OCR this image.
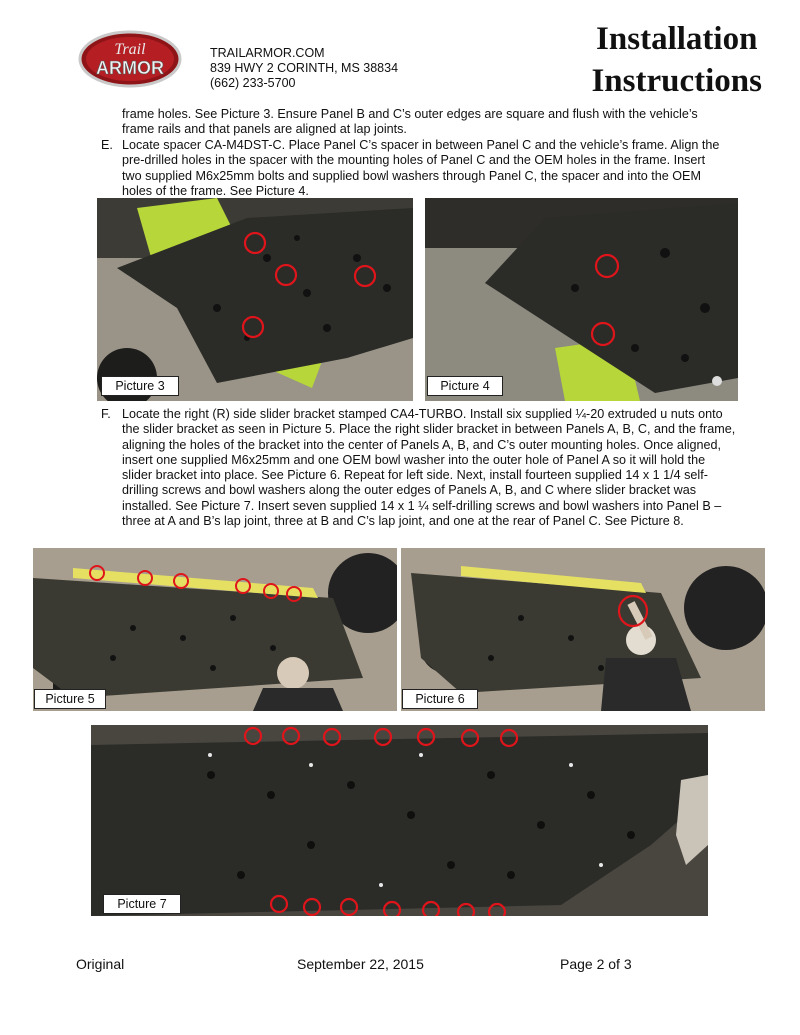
Trail
ARMOR
TRAILARMOR.COM
839 HWY 2 CORINTH, MS 38834
(662) 233-5700
Installation
Instructions
frame holes. See Picture 3. Ensure Panel B and C’s outer edges are square and flush with the vehicle’s frame rails and that panels are aligned at lap joints.
E. Locate spacer CA-M4DST-C. Place Panel C’s spacer in between Panel C and the vehicle’s frame. Align the pre-drilled holes in the spacer with the mounting holes of Panel C and the OEM holes in the frame. Insert two supplied M6x25mm bolts and supplied bowl washers through Panel C, the spacer and into the OEM holes of the frame. See Picture 4.
Picture 3	Picture 4
F. Locate the right (R) side slider bracket stamped CA4-TURBO. Install six supplied ¼-20 extruded u nuts onto the slider bracket as seen in Picture 5. Place the right slider bracket in between Panels A, B, C, and the frame, aligning the holes of the bracket into the center of Panels A, B, and C’s outer mounting holes. Once aligned, insert one supplied M6x25mm and one OEM bowl washer into the outer hole of Panel A so it will hold the slider bracket into place. See Picture 6. Repeat for left side. Next, install fourteen supplied 14 x 1 1/4 self-drilling screws and bowl washers along the outer edges of Panels A, B, and C where slider bracket was installed. See Picture 7. Insert seven supplied 14 x 1 ¼ self-drilling screws and bowl washers into Panel B – three at A and B’s lap joint, three at B and C’s lap joint, and one at the rear of Panel C. See Picture 8.
Picture 5	Picture 6
Picture 7
Original	September 22, 2015	Page 2 of 3
